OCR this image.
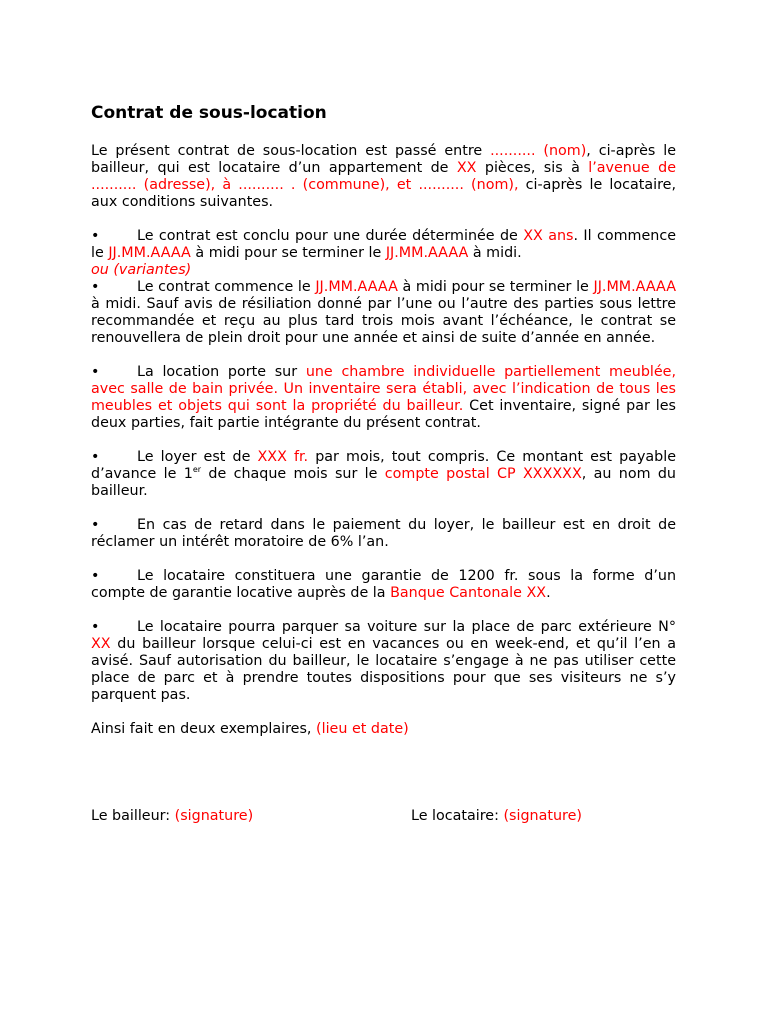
Contrat de sous-location

Le présent contrat de sous-location est passé entre .......... (nom), ci-après le bailleur, qui est locataire d’un appartement de XX pièces, sis à l’avenue de .......... (adresse), à .......... . (commune), et .......... (nom), ci-après le locataire, aux conditions suivantes.

•	Le contrat est conclu pour une durée déterminée de XX ans. Il commence le JJ.MM.AAAA à midi pour se terminer le JJ.MM.AAAA à midi.

ou (variantes)

•	Le contrat commence le JJ.MM.AAAA à midi pour se terminer le JJ.MM.AAAA à midi. Sauf avis de résiliation donné par l’une ou l’autre des parties sous lettre recommandée et reçu au plus tard trois mois avant l’échéance, le contrat se renouvellera de plein droit pour une année et ainsi de suite d’année en année.

•	La location porte sur une chambre individuelle partiellement meublée, avec salle de bain privée. Un inventaire sera établi, avec l’indication de tous les meubles et objets qui sont la propriété du bailleur. Cet inventaire, signé par les deux parties, fait partie intégrante du présent contrat.

•	Le loyer est de XXX fr. par mois, tout compris. Ce montant est payable d’avance le 1er de chaque mois sur le compte postal CP XXXXXX, au nom du bailleur.

•	En cas de retard dans le paiement du loyer, le bailleur est en droit de réclamer un intérêt moratoire de 6% l’an.

•	Le locataire constituera une garantie de 1200 fr. sous la forme d’un compte de garantie locative auprès de la Banque Cantonale XX.

•	Le locataire pourra parquer sa voiture sur la place de parc extérieure N° XX du bailleur lorsque celui-ci est en vacances ou en week-end, et qu’il l’en a avisé. Sauf autorisation du bailleur, le locataire s’engage à ne pas utiliser cette place de parc et à prendre toutes dispositions pour que ses visiteurs ne s’y parquent pas.

Ainsi fait en deux exemplaires, (lieu et date)

Le bailleur: (signature)	Le locataire: (signature)
